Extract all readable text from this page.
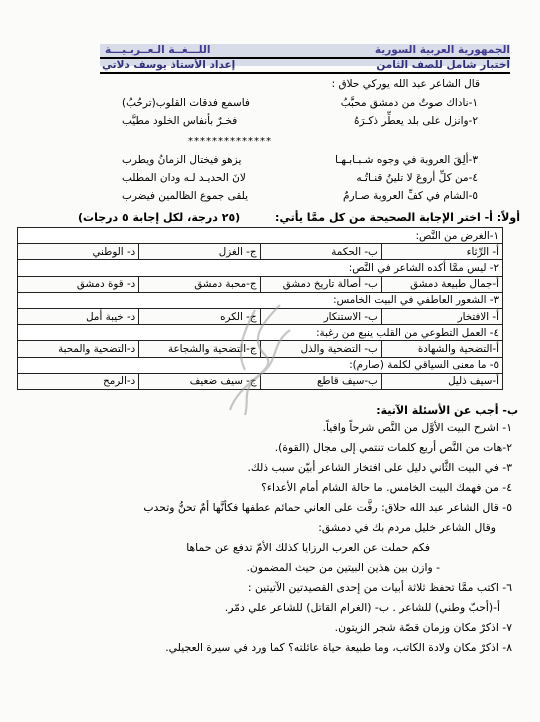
الجمهورية العربية السورية
اللـــغــة الـعــربـيـــة
اختبار شامل للصف الثامن
إعداد الأستاذ يوسف دلاتي
قال الشاعر عبد الله يوركي حلاق :
١-ناداك صوتٌ من دمشق محبَّبُ
فاسمع فدقات القلوب(ترحُبُ)
٢-وانزل على بلد يعطِّر ذكـرَهُ
فخـرٌ بأنفاس الخلود مطيَّب
**************
٣-ألِقَ العروبة في وجوه شـبـابـهـا
يزهو فيختال الزمانُ ويطرب
٤-من كلِّ أروعَ لا تلينُ قنـاتُـه
لانَ الحديـد لـه ودان المطلب
٥-الشام في كفِّ العروبة صـارمٌ
يلقى جموع الظالمين فيضرب
أولاً: أ- اختر الإجابة الصحيحة من كل ممَّا يأتي:
(٢٥ درجة، لكل إجابة ٥ درجات)
١-الغرض من النَّص:			
أ- الرِّثاء	ب- الحكمة	ج- الغزل	د- الوطني
٢- ليس ممَّا أكده الشاعر في النَّص:			
أ-جمال طبيعة دمشق	ب- أصالة تاريخ دمشق	ج-محبة دمشق	د- قوة دمشق
٣- الشعور العاطفي في البيت الخامس:			
أ- الافتخار	ب- الاستنكار	ج- الكره	د- خيبة أمل
٤- العمل التطوعي من القلب ينبع من رغبة:			
أ-التضحية والشهادة	ب- التضحية والذل	ج-التضحية والشجاعة	د-التضحية والمحبة
٥- ما معنى السياقي لكلمة (صارم):			
أ-سيف ذليل	ب-سيف قاطع	ج- سيف ضعيف	د-الرمح
ب- أجب عن الأسئلة الآتية:
١- اشرح البيت الأوَّل من النَّص شرحاً وافياً.
٢-هات من النَّص أربع كلمات تنتمي إلى مجال (القوة).
٣- في البيت الثَّاني دليل على افتخار الشاعر أبيّن سبب ذلك.
٤- من فهمك البيت الخامس. ما حالة الشام أمام الأعداء؟
٥- قال الشاعر عبد الله حلاق: رفَّت على العاني حمائم عطفها فكأنَّها أمٌ تحنُّ وتحدب
وقال الشاعر خليل مردم بك في دمشق:
فكم حملت عن العرب الرزايا كذلك الأمّ تدفع عن حماها
- وازن بين هذين البيتين من حيث المضمون.
٦- اكتب ممَّا تحفظ ثلاثة أبيات من إحدى القصيدتين الآتيتين :
أ-(أحبّ وطني) للشاعر . ب- (الغرام القاتل) للشاعر علي دمّر.
٧- اذكرْ مكان وزمان قصّة شجر الزيتون.
٨- اذكرْ مكان ولادة الكاتب، وما طبيعة حياة عائلته؟ كما ورد في سيرة العجيلي.
